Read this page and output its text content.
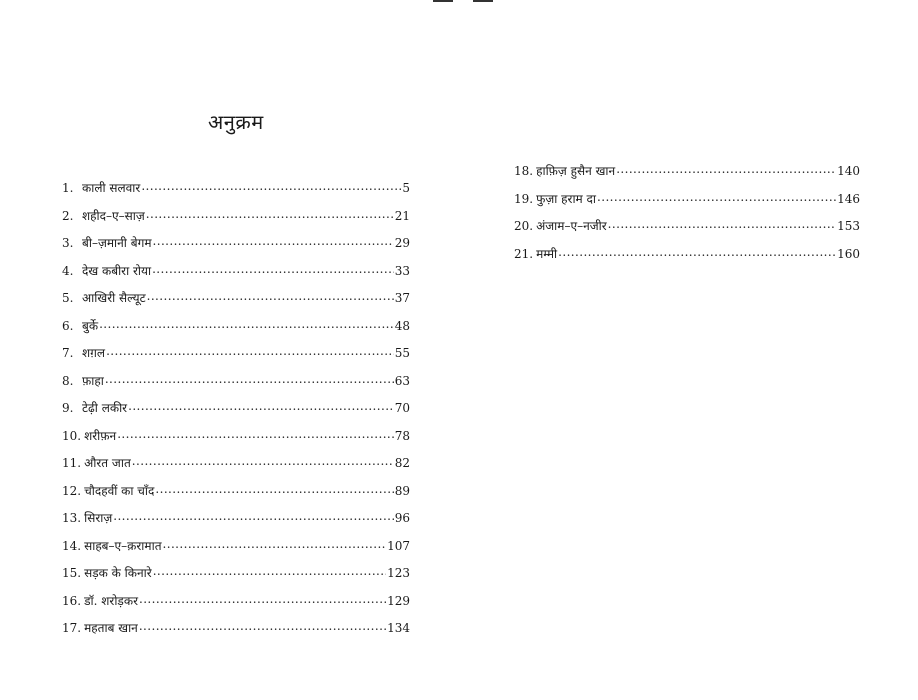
अनुक्रम
1. काली सलवार .....	5
2. शहीद–ए–साज़ .....	21
3. बी–ज़मानी बेगम .....	29
4. देख कबीरा रोया .....	33
5. आखिरी सैल्यूट .....	37
6. बुर्के .....	48
7. शग़ल .....	55
8. फ़ाहा .....	63
9. टेढ़ी लकीर .....	70
10. शरीफ़न .....	78
11. औरत जात .....	82
12. चौदहवीं का चाँद .....	89
13. सिराज़ .....	96
14. साहब–ए–क़रामात .....	107
15. सड़क के किनारे .....	123
16. डॉ. शरोड़कर .....	129
17. महताब खान .....	134
18. हाफ़िज़ हुसैन खान .....	140
19. फुज़ा हराम दा .....	146
20. अंजाम–ए–नजीर .....	153
21. मम्मी .....	160
